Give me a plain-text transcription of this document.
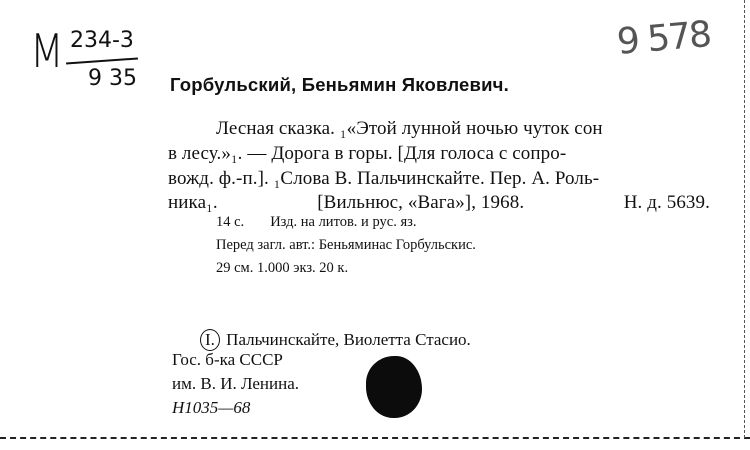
М 234-3
9 35
9 578
Горбульский, Беньямин Яковлевич.
Лесная сказка. ₁«Этой лунной ночью чуток сон
в лесу.»₁. — Дорога в горы. [Для голоса с сопро-
вожд. ф.-п.]. ₁Слова В. Пальчинскайте. Пер. А. Роль-
ника₁.	[Вильнюс, «Вага»], 1968.	Н. д. 5639.
14 с. Изд. на литов. и рус. яз.
Перед загл. авт.: Беньяминас Горбульскис.
29 см. 1.000 экз. 20 к.
I. Пальчинскайте, Виолетта Стасио.
Гос. б-ка СССР
им. В. И. Ленина.
Н1035—68
